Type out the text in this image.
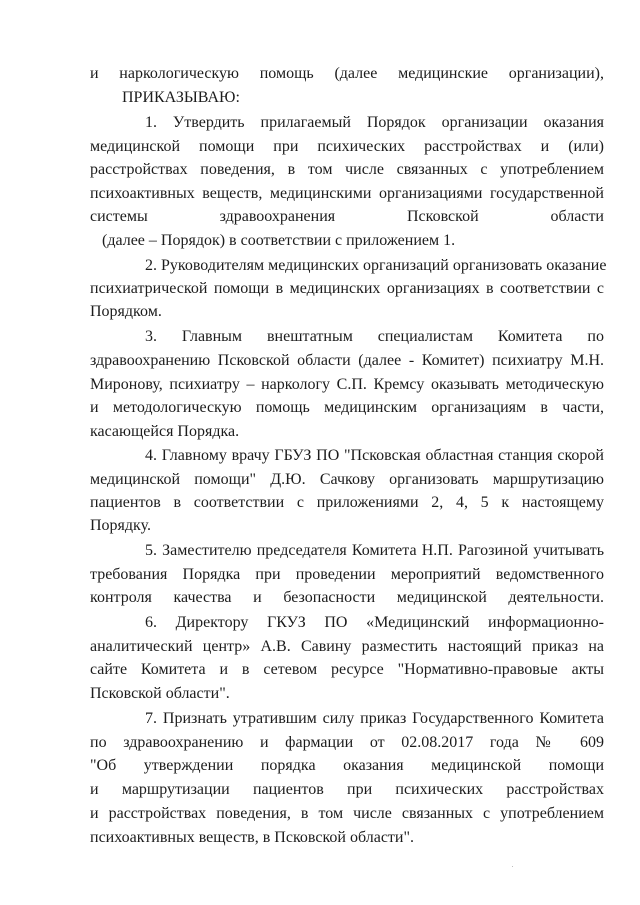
и наркологическую помощь (далее медицинские организации),
ПРИКАЗЫВАЮ:
1. Утвердить прилагаемый Порядок организации оказания
медицинской помощи при психических расстройствах и (или)
расстройствах поведения, в том числе связанных с употреблением
психоактивных веществ, медицинскими организациями государственной
системы здравоохранения Псковской области
(далее – Порядок) в соответствии с приложением 1.
2. Руководителям медицинских организаций организовать оказание
психиатрической помощи в медицинских организациях в соответствии с
Порядком.
3. Главным внештатным специалистам Комитета по
здравоохранению Псковской области (далее - Комитет) психиатру М.Н.
Миронову, психиатру – наркологу С.П. Кремсу оказывать методическую
и методологическую помощь медицинским организациям в части,
касающейся Порядка.
4. Главному врачу ГБУЗ ПО "Псковская областная станция скорой
медицинской помощи" Д.Ю. Сачкову организовать маршрутизацию
пациентов в соответствии с приложениями 2, 4, 5 к настоящему
Порядку.
5. Заместителю председателя Комитета Н.П. Рагозиной учитывать
требования Порядка при проведении мероприятий ведомственного
контроля качества и безопасности медицинской деятельности.
6. Директору ГКУЗ ПО «Медицинский информационно-
аналитический центр» А.В. Савину разместить настоящий приказ на
сайте Комитета и в сетевом ресурсе "Нормативно-правовые акты
Псковской области".
7. Признать утратившим силу приказ Государственного Комитета
по здравоохранению и фармации от 02.08.2017 года № 609
"Об утверждении порядка оказания медицинской помощи
и маршрутизации пациентов при психических расстройствах
и расстройствах поведения, в том числе связанных с употреблением
психоактивных веществ, в Псковской области".
